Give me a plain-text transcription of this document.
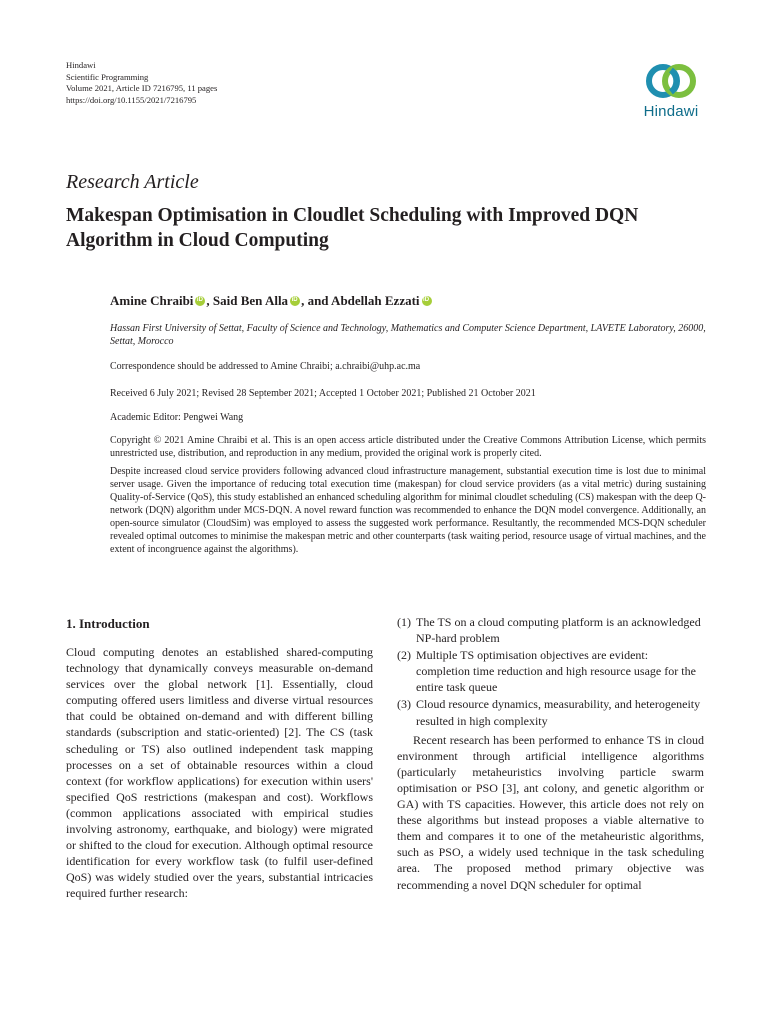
Hindawi
Scientific Programming
Volume 2021, Article ID 7216795, 11 pages
https://doi.org/10.1155/2021/7216795
Hindawi
Research Article
Makespan Optimisation in Cloudlet Scheduling with Improved DQN Algorithm in Cloud Computing
Amine Chraibi iD , Said Ben Alla iD , and Abdellah EzzatiiD
Hassan First University of Settat, Faculty of Science and Technology, Mathematics and Computer Science Department, LAVETE Laboratory, 26000, Settat, Morocco
Correspondence should be addressed to Amine Chraibi; a.chraibi@uhp.ac.ma
Received 6 July 2021; Revised 28 September 2021; Accepted 1 October 2021; Published 21 October 2021
Academic Editor: Pengwei Wang
Copyright © 2021 Amine Chraibi et al. This is an open access article distributed under the Creative Commons Attribution License, which permits unrestricted use, distribution, and reproduction in any medium, provided the original work is properly cited.
Despite increased cloud service providers following advanced cloud infrastructure management, substantial execution time is lost due to minimal server usage. Given the importance of reducing total execution time (makespan) for cloud service providers (as a vital metric) during sustaining Quality-of-Service (QoS), this study established an enhanced scheduling algorithm for minimal cloudlet scheduling (CS) makespan with the deep Q-network (DQN) algorithm under MCS-DQN. A novel reward function was recommended to enhance the DQN model convergence. Additionally, an open-source simulator (CloudSim) was employed to assess the suggested work performance. Resultantly, the recommended MCS-DQN scheduler revealed optimal outcomes to minimise the makespan metric and other counterparts (task waiting period, resource usage of virtual machines, and the extent of incongruence against the algorithms).
1. Introduction
Cloud computing denotes an established shared-computing technology that dynamically conveys measurable on-demand services over the global network [1]. Essentially, cloud computing offered users limitless and diverse virtual resources that could be obtained on-demand and with different billing standards (subscription and static-oriented) [2]. The CS (task scheduling or TS) also outlined independent task mapping processes on a set of obtainable resources within a cloud context (for workflow applications) for execution within users' specified QoS restrictions (makespan and cost). Workflows (common applications associated with empirical studies involving astronomy, earthquake, and biology) were migrated or shifted to the cloud for execution. Although optimal resource identification for every workflow task (to fulfil user-defined QoS) was widely studied over the years, substantial intricacies required further research:
(1) The TS on a cloud computing platform is an acknowledged NP-hard problem
(2) Multiple TS optimisation objectives are evident: completion time reduction and high resource usage for the entire task queue
(3) Cloud resource dynamics, measurability, and heterogeneity resulted in high complexity
Recent research has been performed to enhance TS in cloud environment through artificial intelligence algorithms (particularly metaheuristics involving particle swarm optimisation or PSO [3], ant colony, and genetic algorithm or GA) with TS capacities. However, this article does not rely on these algorithms but instead proposes a viable alternative to them and compares it to one of the metaheuristic algorithms, such as PSO, a widely used technique in the task scheduling area. The proposed method primary objective was recommending a novel DQN scheduler for optimal
